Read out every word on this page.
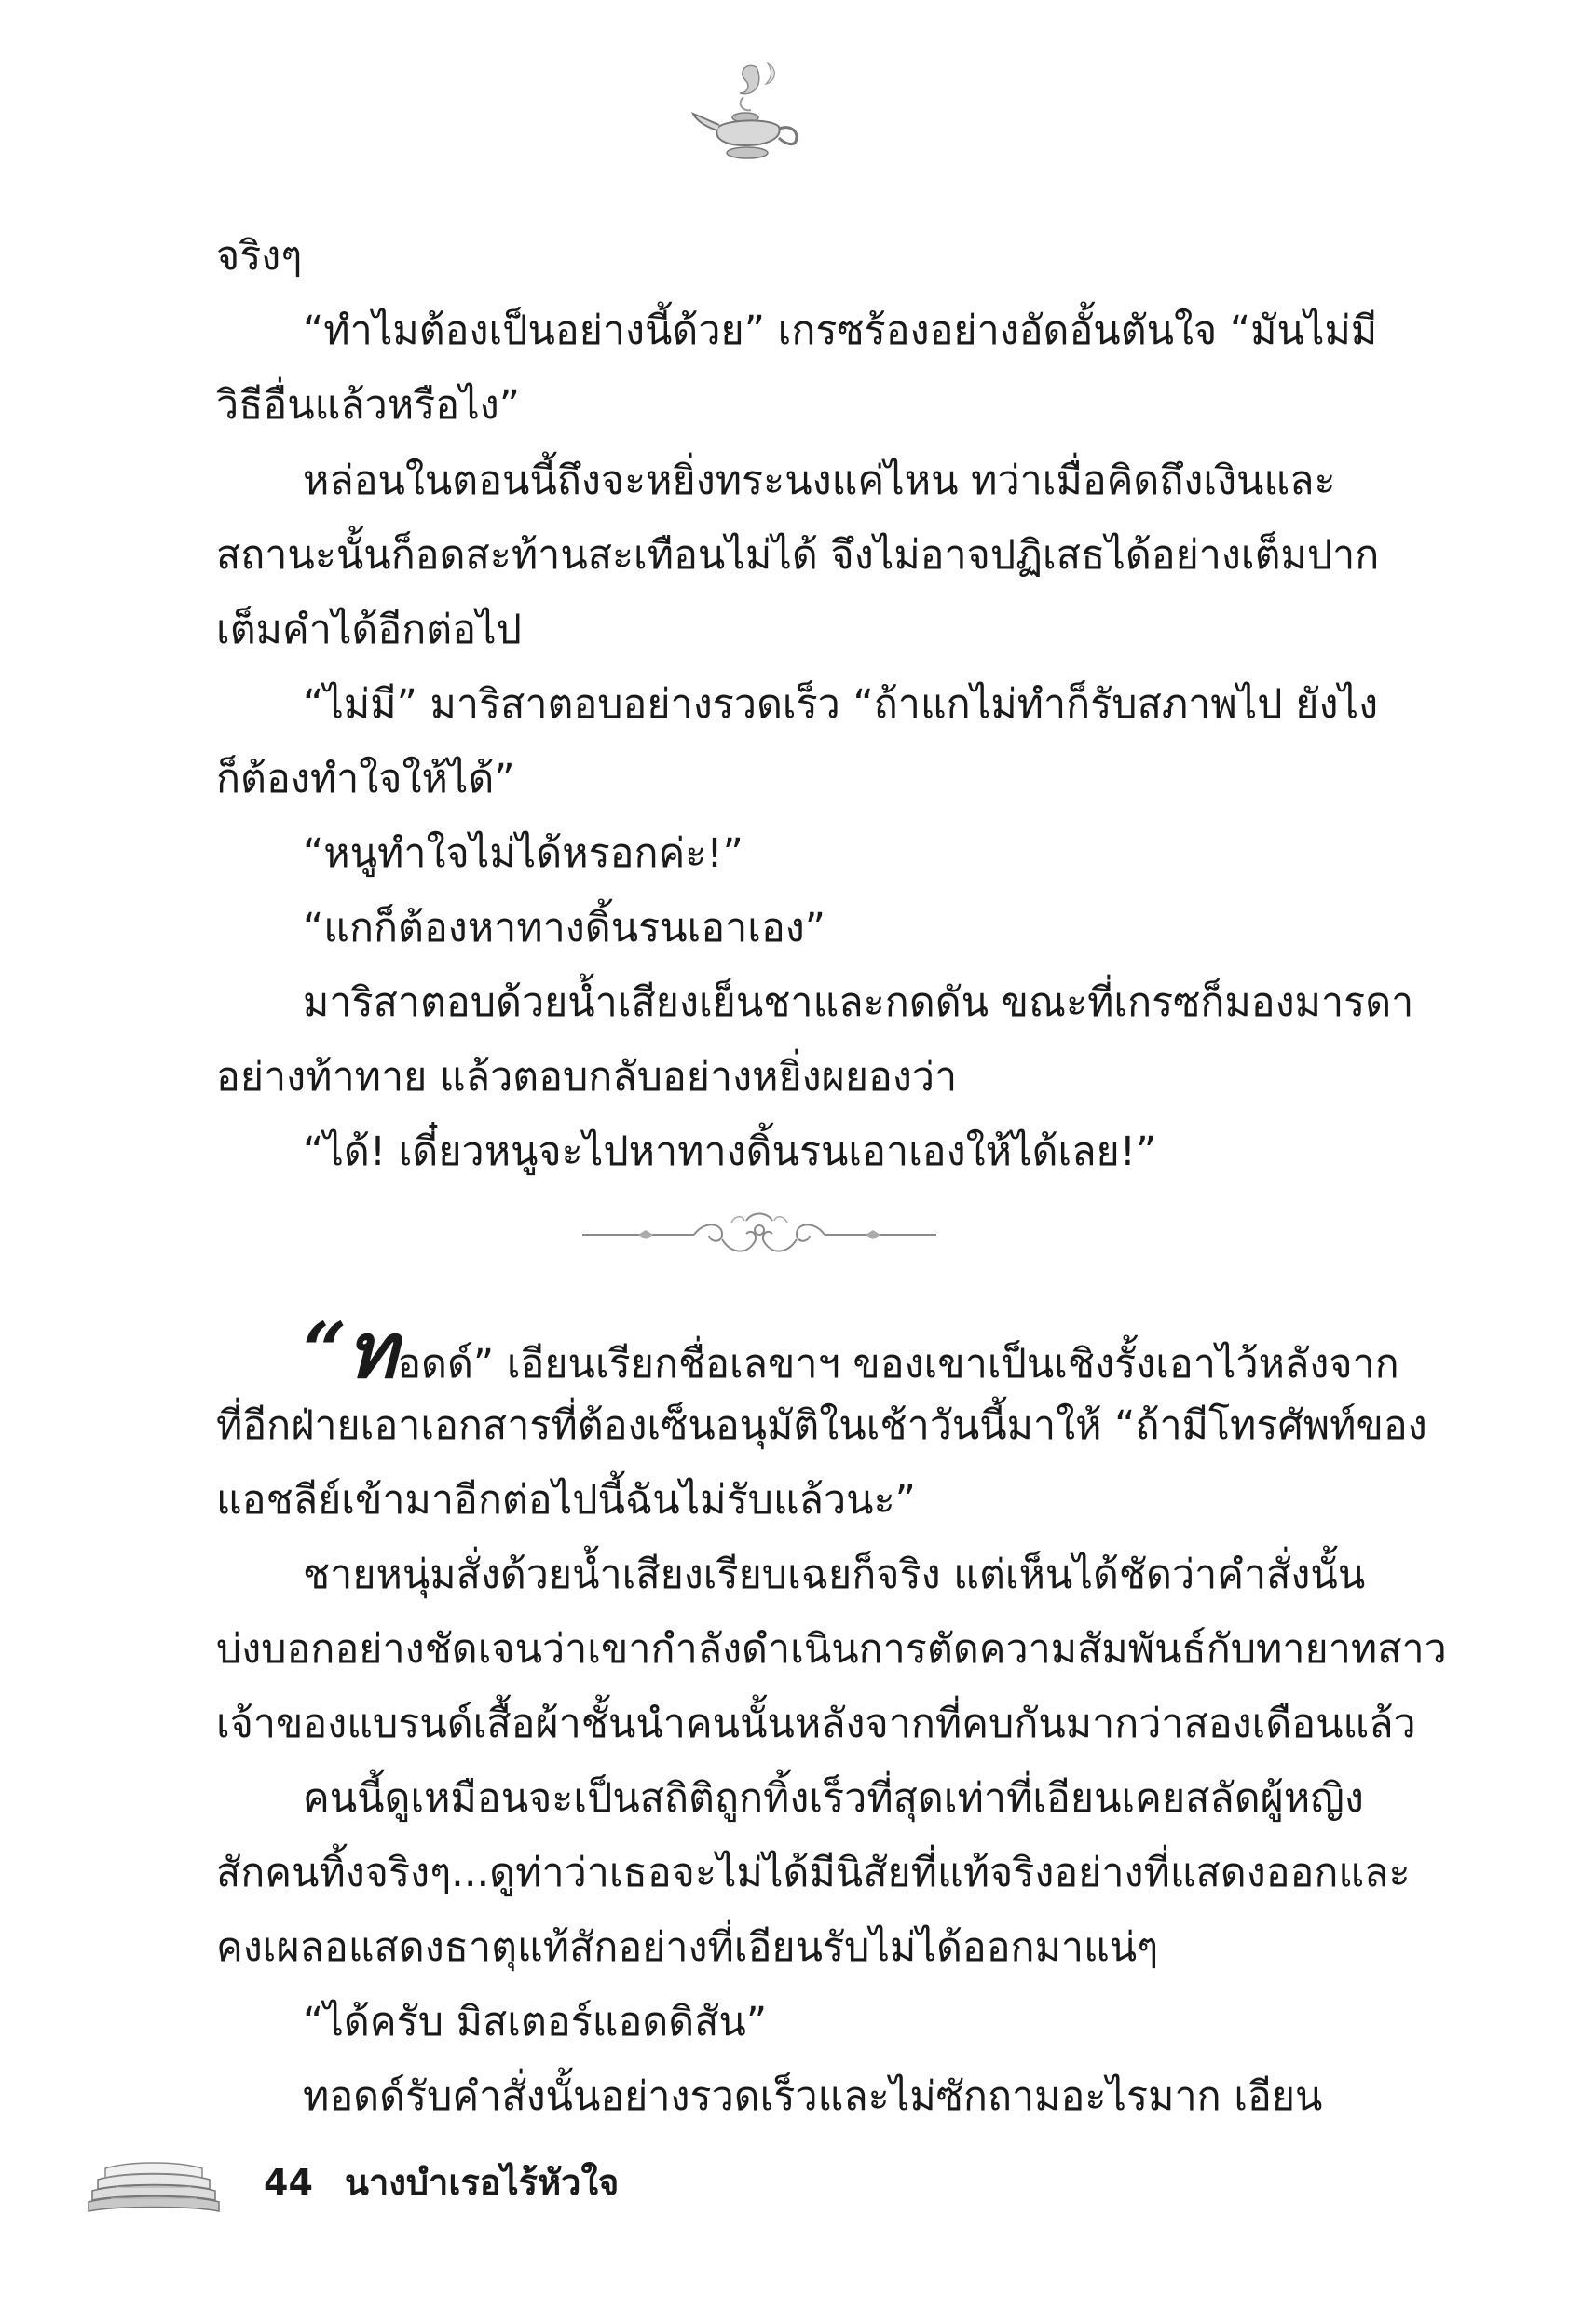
จริงๆ
“ทำไมต้องเป็นอย่างนี้ด้วย” เกรซร้องอย่างอัดอั้นตันใจ “มันไม่มี
วิธีอื่นแล้วหรือไง”
หล่อนในตอนนี้ถึงจะหยิ่งทระนงแค่ไหน ทว่าเมื่อคิดถึงเงินและ
สถานะนั้นก็อดสะท้านสะเทือนไม่ได้ จึงไม่อาจปฏิเสธได้อย่างเต็มปาก
เต็มคำได้อีกต่อไป
“ไม่มี” มาริสาตอบอย่างรวดเร็ว “ถ้าแกไม่ทำก็รับสภาพไป ยังไง
ก็ต้องทำใจให้ได้”
“หนูทำใจไม่ได้หรอกค่ะ!”
“แกก็ต้องหาทางดิ้นรนเอาเอง”
มาริสาตอบด้วยน้ำเสียงเย็นชาและกดดัน ขณะที่เกรซก็มองมารดา
อย่างท้าทาย แล้วตอบกลับอย่างหยิ่งผยองว่า
“ได้! เดี๋ยวหนูจะไปหาทางดิ้นรนเอาเองให้ได้เลย!”
“ทอดด์” เอียนเรียกชื่อเลขาฯ ของเขาเป็นเชิงรั้งเอาไว้หลังจาก
ที่อีกฝ่ายเอาเอกสารที่ต้องเซ็นอนุมัติในเช้าวันนี้มาให้ “ถ้ามีโทรศัพท์ของ
แอชลีย์เข้ามาอีกต่อไปนี้ฉันไม่รับแล้วนะ”
ชายหนุ่มสั่งด้วยน้ำเสียงเรียบเฉยก็จริง แต่เห็นได้ชัดว่าคำสั่งนั้น
บ่งบอกอย่างชัดเจนว่าเขากำลังดำเนินการตัดความสัมพันธ์กับทายาทสาว
เจ้าของแบรนด์เสื้อผ้าชั้นนำคนนั้นหลังจากที่คบกันมากว่าสองเดือนแล้ว
คนนี้ดูเหมือนจะเป็นสถิติถูกทิ้งเร็วที่สุดเท่าที่เอียนเคยสลัดผู้หญิง
สักคนทิ้งจริงๆ...ดูท่าว่าเธอจะไม่ได้มีนิสัยที่แท้จริงอย่างที่แสดงออกและ
คงเผลอแสดงธาตุแท้สักอย่างที่เอียนรับไม่ได้ออกมาแน่ๆ
“ได้ครับ มิสเตอร์แอดดิสัน”
ทอดด์รับคำสั่งนั้นอย่างรวดเร็วและไม่ซักถามอะไรมาก เอียน
44 นางบำเรอไร้หัวใจ
